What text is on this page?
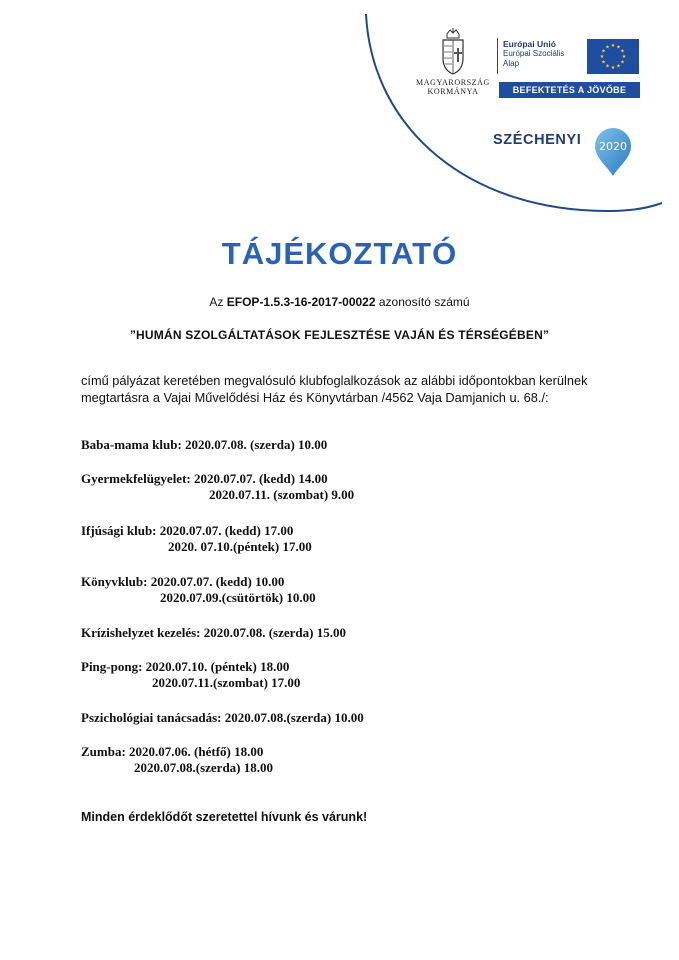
MAGYARORSZÁG
KORMÁNYA
Európai Unió
Európai Szociális
Alap
★ ★
★
★
★
★
★
★
★
★
★
★
BEFEKTETÉS A JÖVŐBE
SZÉCHENYI 2020
TÁJÉKOZTATÓ
Az EFOP-1.5.3-16-2017-00022 azonosító számú
”HUMÁN SZOLGÁLTATÁSOK FEJLESZTÉSE VAJÁN ÉS TÉRSÉGÉBEN”
című pályázat keretében megvalósuló klubfoglalkozások az alábbi időpontokban kerülnek megtartásra a Vajai Művelődési Ház és Könyvtárban /4562 Vaja Damjanich u. 68./:
Baba-mama klub: 2020.07.08. (szerda) 10.00
Gyermekfelügyelet: 2020.07.07. (kedd) 14.00
2020.07.11. (szombat) 9.00
Ifjúsági klub: 2020.07.07. (kedd) 17.00
2020. 07.10.(péntek) 17.00
Könyvklub: 2020.07.07. (kedd) 10.00
2020.07.09.(csütörtök) 10.00
Krízishelyzet kezelés: 2020.07.08. (szerda) 15.00
Ping-pong: 2020.07.10. (péntek) 18.00
2020.07.11.(szombat) 17.00
Pszichológiai tanácsadás: 2020.07.08.(szerda) 10.00
Zumba: 2020.07.06. (hétfő) 18.00
2020.07.08.(szerda) 18.00
Minden érdeklődőt szeretettel hívunk és várunk!
